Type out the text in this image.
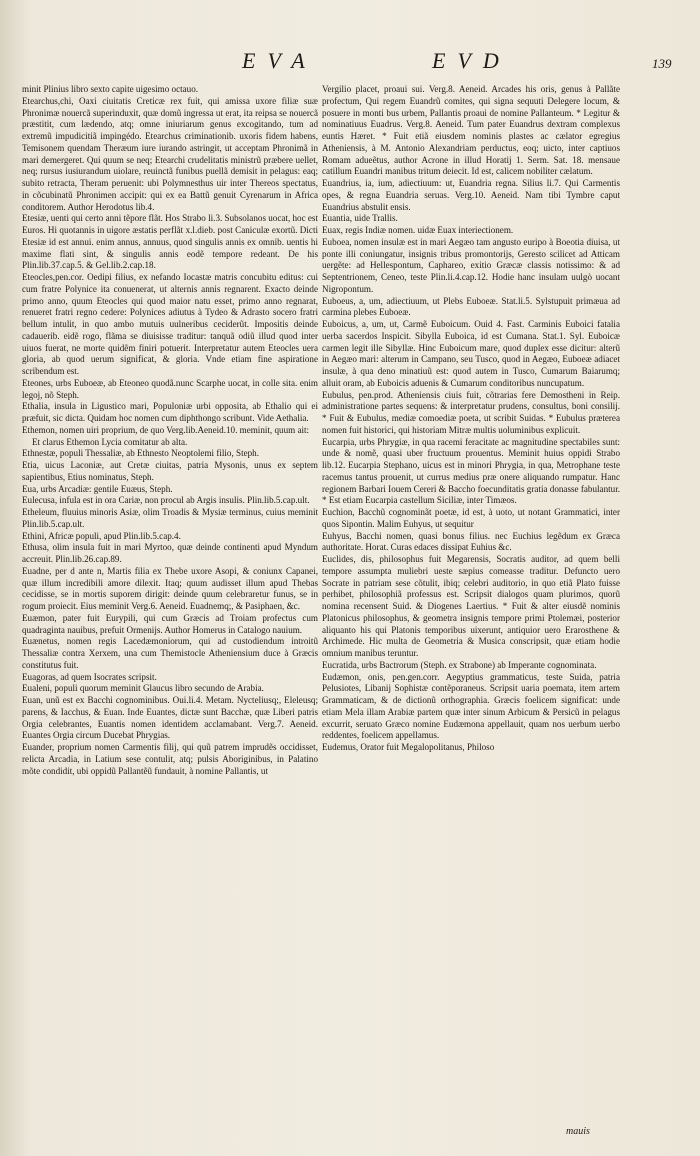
EVA	EVD	139

minit Plinius libro sexto capite uigesimo octauo.

Etearchus,chi, Oaxi ciuitatis Creticæ rex fuit, qui amissa uxore filiæ suæ Phronimæ nouercã superinduxit, quæ domũ ingressa ut erat, ita reipsa se nouercã præstitit, cum lædendo, atq; omne iniuriarum genus excogitando, tum ad extremũ impudicitiã impingédo. Etearchus criminationib. uxoris fidem habens, Temisonem quendam Theræum iure iurando astringit, ut acceptam Phronimã in mari demergeret. Qui quum se neq; Etearchi crudelitatis ministrũ præbere uellet, neq; rursus iusiurandum uiolare, reuinctã funibus puellã demisit in pelagus: eaq; subito retracta, Theram peruenit: ubi Polymnesthus uir inter Thereos spectatus, in cõcubinatũ Phronimen accipit: qui ex ea Battũ genuit Cyrenarum in Africa conditorem. Author Herodotus lib.4.

Etesiæ, uenti qui certo anni tẽpore flãt. Hos Strabo li.3. Subsolanos uocat, hoc est Euros. Hi quotannis in uigore æstatis perflãt x.l.dieb. post Caniculæ exortũ. Dicti Etesiæ id est annui. enim annus, annuus, quod singulis annis ex omnib. uentis hi maxime flati sint, & singulis annis eodẽ tempore redeant. De his Plin.lib.37.cap.5. & Gel.lib.2.cap.18.

Eteocles,pen.cor. Oedipi filius, ex nefando Iocastæ matris concubitu editus: cui cum fratre Polynice ita conuenerat, ut alternis annis regnarent. Exacto deinde primo anno, quum Eteocles qui quod maior natu esset, primo anno regnarat, renueret fratri regno cedere: Polynices adiutus à Tydeo & Adrasto socero fratri bellum intulit, in quo ambo mutuis uulneribus ceciderũt. Impositis deinde cadauerib. eidẽ rogo, flãma se diuisisse traditur: tanquã odiũ illud quod inter uiuos fuerat, ne morte quidẽm finiri potuerit. Interpretatur autem Eteocles uera gloria, ab quod uerum significat, & gloria. Vnde etiam fine aspiratione scribendum est.

Eteones, urbs Euboeæ, ab Eteoneo quodã.nunc Scarphe uocat, in colle sita. enim legoj, nõ Steph.

Ethalia, insula in Ligustico mari, Populoniæ urbi opposita, ab Ethalio qui ei præfuit, sic dicta. Quidam hoc nomen cum diphthongo scribunt. Vide Aethalia.

Ethemon, nomen uiri proprium, de quo Verg.lib.Aeneid.10. meminit, quum ait:

Et clarus Ethemon Lycia comitatur ab alta.

Ethnestæ, populi Thessaliæ, ab Ethnesto Neoptolemi filio, Steph.

Etia, uicus Laconiæ, aut Cretæ ciuitas, patria Mysonis, unus ex septem sapientibus, Etius nominatus, Steph.

Eua, urbs Arcadiæ: gentile Euæus, Steph.

Eulecusa, infula est in ora Cariæ, non procul ab Argis insulis. Plin.lib.5.cap.ult.

Etheleum, fluuius minoris Asiæ, olim Troadis & Mysiæ terminus, cuius meminit Plin.lib.5.cap.ult.

Ethini, Africæ populi, apud Plin.lib.5.cap.4.

Ethusa, olim insula fuit in mari Myrtoo, quæ deinde continenti apud Myndum accreuit. Plin.lib.26.cap.89.

Euadne, per d ante n, Martis filia ex Thebe uxore Asopi, & coniunx Capanei, quæ illum incredibili amore dilexit. Itaq; quum audisset illum apud Thebas cecidisse, se in mortis suporem dirigit: deinde quum celebraretur funus, se in rogum proiecit. Eius meminit Verg.6. Aeneid. Euadnemq;, & Pasiphaen, &c.

Euæmon, pater fuit Eurypili, qui cum Græcis ad Troiam profectus cum quadraginta nauibus, prefuit Ormenijs. Author Homerus in Catalogo nauium.

Euænetus, nomen regis Lacedæmoniorum, qui ad custodiendum introitũ Thessaliæ contra Xerxem, una cum Themistocle Atheniensium duce à Græcis constitutus fuit.

Euagoras, ad quem Isocrates scripsit.

Eualeni, populi quorum meminit Glaucus libro secundo de Arabia.

Euan, unũ est ex Bacchi cognominibus. Oui.li.4. Metam. Nycteliusq;, Eleleusq; parens, & Iacchus, & Euan. Inde Euantes, dictæ sunt Bacchæ, quæ Liberi patris Orgia celebrantes, Euantis nomen identidem acclamabant. Verg.7. Aeneid. Euantes Orgia circum Ducebat Phrygias.

Euander, proprium nomen Carmentis filij, qui quũ patrem imprudẽs occidisset, relicta Arcadia, in Latium sese contulit, atq; pulsis Aboriginibus, in Palatino mõte condidit, ubi oppidũ Pallantẽũ fundauit, à nomine Pallantis, ut

Vergilio placet, proaui sui. Verg.8. Aeneid. Arcades his oris, genus à Pallãte profectum, Qui regem Euandrũ comites, qui signa sequuti Delegere locum, & posuere in monti bus urbem, Pallantis proaui de nomine Pallanteum. * Legitur & nominatiuus Euadrus. Verg.8. Aeneid. Tum pater Euandrus dextram complexus euntis Hæret. * Fuit etiã eiusdem nominis plastes ac cælator egregius Atheniensis, à M. Antonio Alexandriam perductus, eoq; uicto, inter captiuos Romam adueẽtus, author Acrone in illud Horatij 1. Serm. Sat. 18. mensaue catillum Euandri manibus tritum deiecit. Id est, calicem nobiliter cælatum.

Euandrius, ia, ium, adiectiuum: ut, Euandria regna. Silius li.7. Qui Carmentis opes, & regna Euandria seruas. Verg.10. Aeneid. Nam tibi Tymbre caput Euandrius abstulit ensis.

Euantia, uide Trallis.

Euax, regis Indiæ nomen. uidæ Euax interiectionem.

Euboea, nomen insulæ est in mari Aegæo tam angusto euripo à Boeotia diuisa, ut ponte illi coniungatur, insignis tribus promontorijs, Geresto scilicet ad Atticam uergẽte: ad Hellespontum, Caphareo, exitio Græcæ classis notissimo: & ad Septentrionem, Ceneo, teste Plin.li.4.cap.12. Hodie hanc insulam uulgò uocant Nigropontum.

Euboeus, a, um, adiectiuum, ut Plebs Euboeæ. Stat.li.5. Sylstupuit primæua ad carmina plebes Euboeæ.

Euboicus, a, um, ut, Carmẽ Euboicum. Ouid 4. Fast. Carminis Euboici fatalia uerba sacerdos Inspicit. Sibylla Euboica, id est Cumana. Stat.1. Syl. Euboicæ carmen legit ille Sibyllæ. Hinc Euboicum mare, quod duplex esse dicitur: alterũ in Aegæo mari: alterum in Campano, seu Tusco, quod in Aegæo, Euboeæ adiacet insulæ, à qua deno minatiuũ est: quod autem in Tusco, Cumarum Baiarumq; alluit oram, ab Euboicis aduenis & Cumarum conditoribus nuncupatum.

Eubulus, pen.prod. Atheniensis ciuis fuit, cõtrarias fere Demostheni in Reip. administratione partes sequens: & interpretatur prudens, consultus, boni consilij. * Fuit & Eubulus, mediæ comoediæ poeta, ut scribit Suidas. * Eubulus præterea nomen fuit historici, qui historiam Mitræ multis uoluminibus explicuit.

Eucarpia, urbs Phrygiæ, in qua racemi feracitate ac magnitudine spectabiles sunt: unde & nomẽ, quasi uber fructuum prouentus. Meminit huius oppidi Strabo lib.12. Eucarpia Stephano, uicus est in minori Phrygia, in qua, Metrophane teste racemus tantus prouenit, ut currus medius præ onere aliquando rumpatur. Hanc regionem Barbari Iouem Cereri & Baccho foecunditatis gratia donasse fabulantur. * Est etiam Eucarpia castellum Siciliæ, inter Timæos.

Euchion, Bacchũ cognominãt poetæ, id est, à uoto, ut notant Grammatici, inter quos Sipontin. Malim Euhyus, ut sequitur

Euhyus, Bacchi nomen, quasi bonus filius. nec Euchius legẽdum ex Græca authoritate. Horat. Curas edaces dissipat Euhius &c.

Euclides, dis, philosophus fuit Megarensis, Socratis auditor, ad quem belli tempore assumpta muliebri ueste sæpius comeasse traditur. Defuncto uero Socrate in patriam sese cõtulit, ibiq; celebri auditorio, in quo etiã Plato fuisse perhibet, philosophiã professus est. Scripsit dialogos quam plurimos, quorũ nomina recensent Suid. & Diogenes Laertius. * Fuit & alter eiusdẽ nominis Platonicus philosophus, & geometra insignis tempore primi Ptolemæi, posterior aliquanto his qui Platonis temporibus uixerunt, antiquior uero Erarosthene & Archimede. Hic multa de Geometria & Musica conscripsit, quæ etiam hodie omnium manibus teruntur.

Eucratida, urbs Bactrorum (Steph. ex Strabone) ab Imperante cognominata.

Eudæmon, onis, pen.gen.corr. Aegyptius grammaticus, teste Suida, patria Pelusiotes, Libanij Sophistæ contẽporaneus. Scripsit uaria poemata, item artem Grammaticam, & de dictionũ orthographia. Græcis foelicem significat: unde etiam Mela illam Arabiæ partem quæ inter sinum Arbicum & Persicũ in pelagus excurrit, seruato Græco nomine Eudæmona appellauit, quam nos uerbum uerbo reddentes, foelicem appellamus.

Eudemus, Orator fuit Megalopolitanus, Philoso

mauis
